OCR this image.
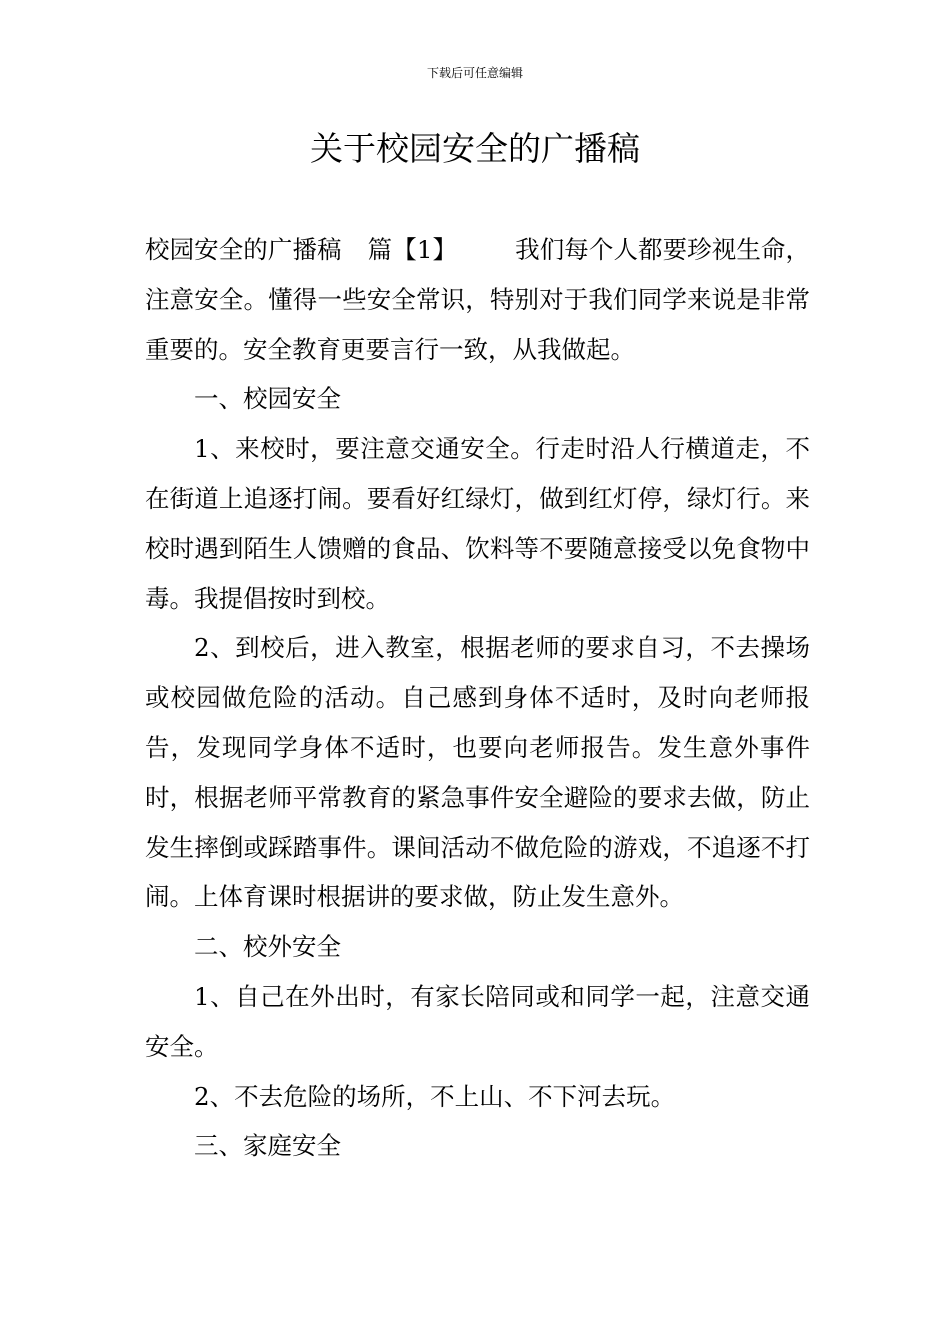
下载后可任意编辑
关于校园安全的广播稿

校园安全的广播稿 篇【1】 我们每个人都要珍视生命，注意安全。懂得一些安全常识，特别对于我们同学来说是非常重要的。安全教育更要言行一致，从我做起。

一、校园安全

1、来校时，要注意交通安全。行走时沿人行横道走，不在街道上追逐打闹。要看好红绿灯，做到红灯停，绿灯行。来校时遇到陌生人馈赠的食品、饮料等不要随意接受以免食物中毒。我提倡按时到校。

2、到校后，进入教室，根据老师的要求自习，不去操场或校园做危险的活动。自己感到身体不适时，及时向老师报告，发现同学身体不适时，也要向老师报告。发生意外事件时，根据老师平常教育的紧急事件安全避险的要求去做，防止发生摔倒或踩踏事件。课间活动不做危险的游戏，不追逐不打闹。上体育课时根据讲的要求做，防止发生意外。

二、校外安全

1、自己在外出时，有家长陪同或和同学一起，注意交通安全。

2、不去危险的场所，不上山、不下河去玩。

三、家庭安全
